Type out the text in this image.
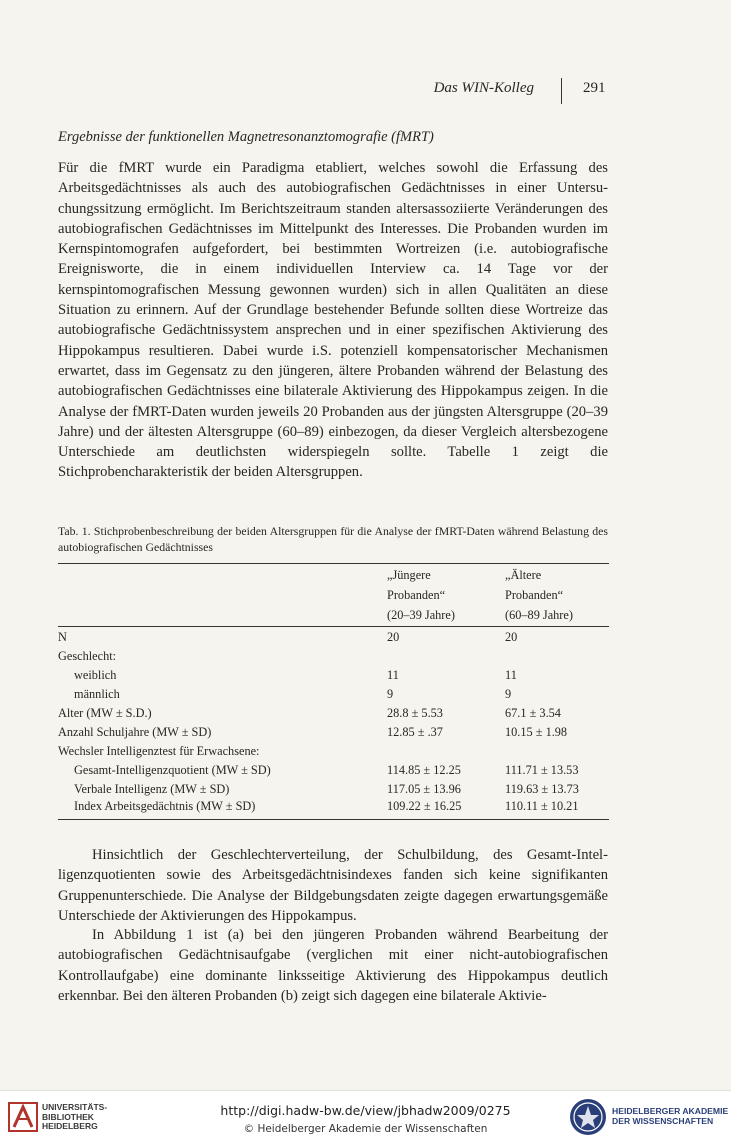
Das WIN-Kolleg	291
Ergebnisse der funktionellen Magnetresonanztomografie (fMRT)

Für die fMRT wurde ein Paradigma etabliert, welches sowohl die Erfassung des Arbeitsgedächtnisses als auch des autobiografischen Gedächtnisses in einer Untersuchungssitzung ermöglicht. Im Berichtszeitraum standen altersassoziierte Veränderungen des autobiografischen Gedächtnisses im Mittelpunkt des Interesses. Die Probanden wurden im Kernspintomografen aufgefordert, bei bestimmten Wortreizen (i.e. autobiografische Ereignisworte, die in einem individuellen Interview ca. 14 Tage vor der kernspintomografischen Messung gewonnen wurden) sich in allen Qualitäten an diese Situation zu erinnern. Auf der Grundlage bestehender Befunde sollten diese Wortreize das autobiografische Gedächtnissystem ansprechen und in einer spezifischen Aktivierung des Hippokampus resultieren. Dabei wurde i.S. potenziell kompensatorischer Mechanismen erwartet, dass im Gegensatz zu den jüngeren, ältere Probanden während der Belastung des autobiografischen Gedächtnisses eine bilaterale Aktivierung des Hippokampus zeigen. In die Analyse der fMRT-Daten wurden jeweils 20 Probanden aus der jüngsten Altersgruppe (20–39 Jahre) und der ältesten Altersgruppe (60–89) einbezogen, da dieser Vergleich altersbezogene Unterschiede am deutlichsten widerspiegeln sollte. Tabelle 1 zeigt die Stichprobencharakteristik der beiden Altersgruppen.

Tab. 1. Stichprobenbeschreibung der beiden Altersgruppen für die Analyse der fMRT-Daten während Belastung des autobiografischen Gedächtnisses
„Jüngere
Probanden“
(20–39 Jahre)
„Ältere
Probanden“
(60–89 Jahre)
N	20	20
Geschlecht:
weiblich	11	11
männlich	9	9
Alter (MW ± S.D.)	28.8 ± 5.53	67.1 ± 3.54
Anzahl Schuljahre (MW ± SD)	12.85 ± .37	10.15 ± 1.98
Wechsler Intelligenztest für Erwachsene:
Gesamt-Intelligenzquotient (MW ± SD)	114.85 ± 12.25	111.71 ± 13.53
Verbale Intelligenz (MW ± SD)	117.05 ± 13.96	119.63 ± 13.73
Index Arbeitsgedächtnis (MW ± SD)	109.22 ± 16.25	110.11 ± 10.21

Hinsichtlich der Geschlechterverteilung, der Schulbildung, des Gesamt-Intelligenzquotienten sowie des Arbeitsgedächtnisindexes fanden sich keine signifikanten Gruppenunterschiede. Die Analyse der Bildgebungsdaten zeigte dagegen erwartungsgemäße Unterschiede der Aktivierungen des Hippokampus.

In Abbildung 1 ist (a) bei den jüngeren Probanden während Bearbeitung der autobiografischen Gedächtnisaufgabe (verglichen mit einer nicht-autobiografischen Kontrollaufgabe) eine dominante linksseitige Aktivierung des Hippokampus deutlich erkennbar. Bei den älteren Probanden (b) zeigt sich dagegen eine bilaterale Aktivie-

UNIVERSITÄTS-
BIBLIOTHEK
HEIDELBERG
http://digi.hadw-bw.de/view/jbhadw2009/0275
© Heidelberger Akademie der Wissenschaften
HEIDELBERGER AKADEMIE
DER WISSENSCHAFTEN
